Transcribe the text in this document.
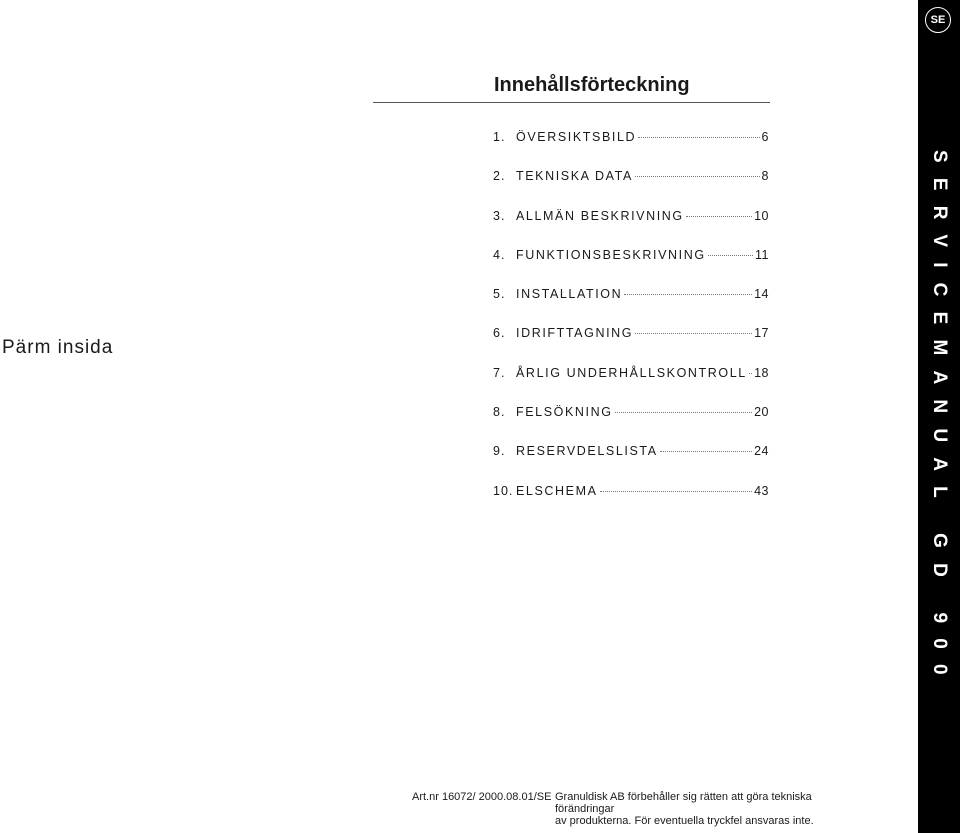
Pärm insida
Innehållsförteckning
1. ÖVERSIKTSBILD	6
2. TEKNISKA DATA	8
3. ALLMÄN BESKRIVNING	10
4. FUNKTIONSBESKRIVNING	11
5. INSTALLATION	14
6. IDRIFTTAGNING	17
7. ÅRLIG UNDERHÅLLSKONTROLL 18
8. FELSÖKNING	20
9. RESERVDELSLISTA	24
10. ELSCHEMA	43
SE
SERVICEMANUAL GD 900
Art.nr 16072/ 2000.08.01/SE Granuldisk AB förbehåller sig rätten att göra tekniska förändringar
av produkterna. För eventuella tryckfel ansvaras inte.
